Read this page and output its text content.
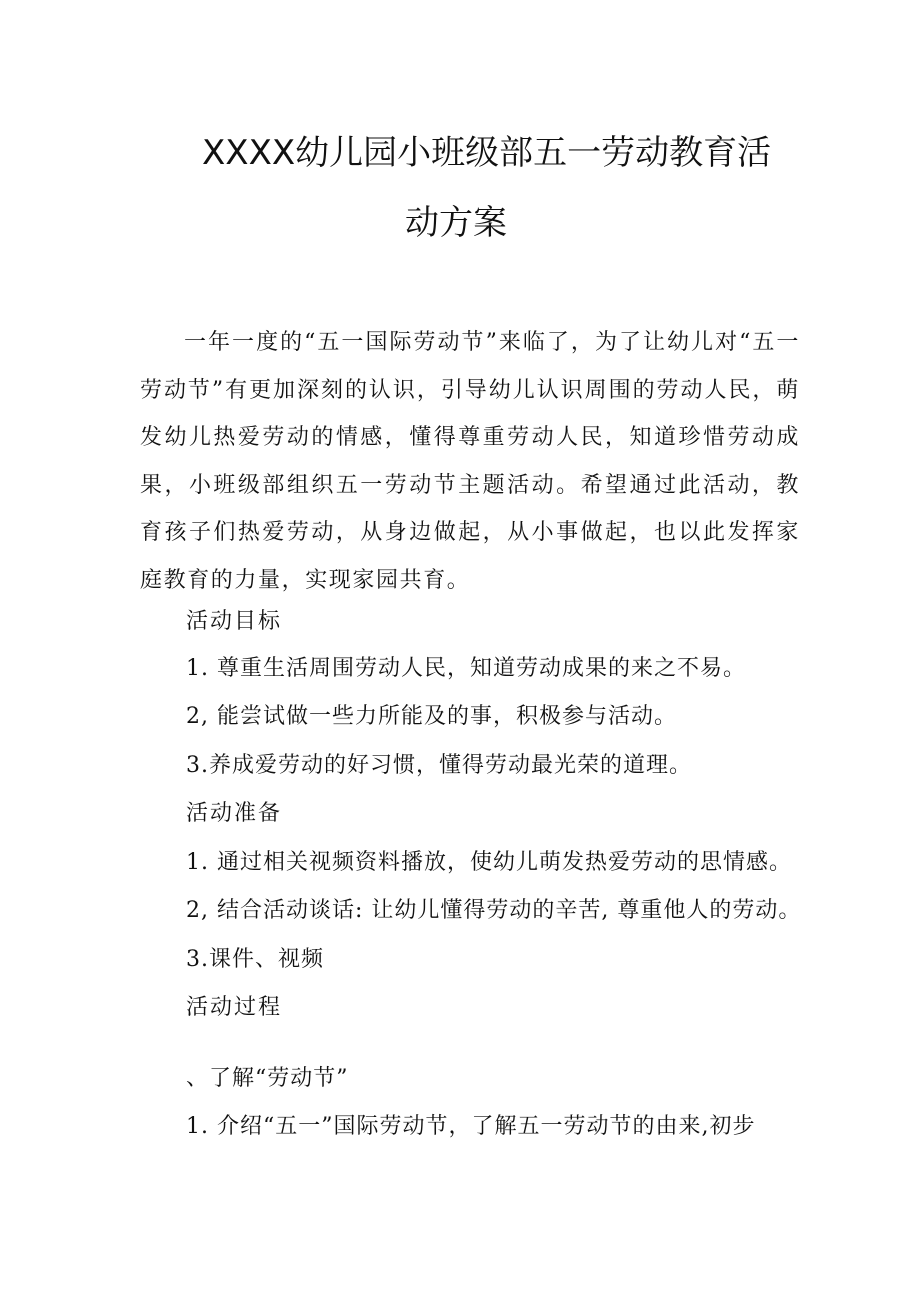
XXXX幼儿园小班级部五一劳动教育活
动方案
一年一度的“五一国际劳动节”来临了，为了让幼儿对“五一劳动节”有更加深刻的认识，引导幼儿认识周围的劳动人民，萌发幼儿热爱劳动的情感，懂得尊重劳动人民，知道珍惜劳动成果，小班级部组织五一劳动节主题活动。希望通过此活动，教育孩子们热爱劳动，从身边做起，从小事做起，也以此发挥家庭教育的力量，实现家园共育。
活动目标
1. 尊重生活周围劳动人民，知道劳动成果的来之不易。
2, 能尝试做一些力所能及的事，积极参与活动。
3.养成爱劳动的好习惯，懂得劳动最光荣的道理。
活动准备
1. 通过相关视频资料播放，使幼儿萌发热爱劳动的思情感。
2, 结合活动谈话: 让幼儿懂得劳动的辛苦, 尊重他人的劳动。
3.课件、视频
活动过程
、了解“劳动节”
1. 介绍“五一”国际劳动节，了解五一劳动节的由来,初步
